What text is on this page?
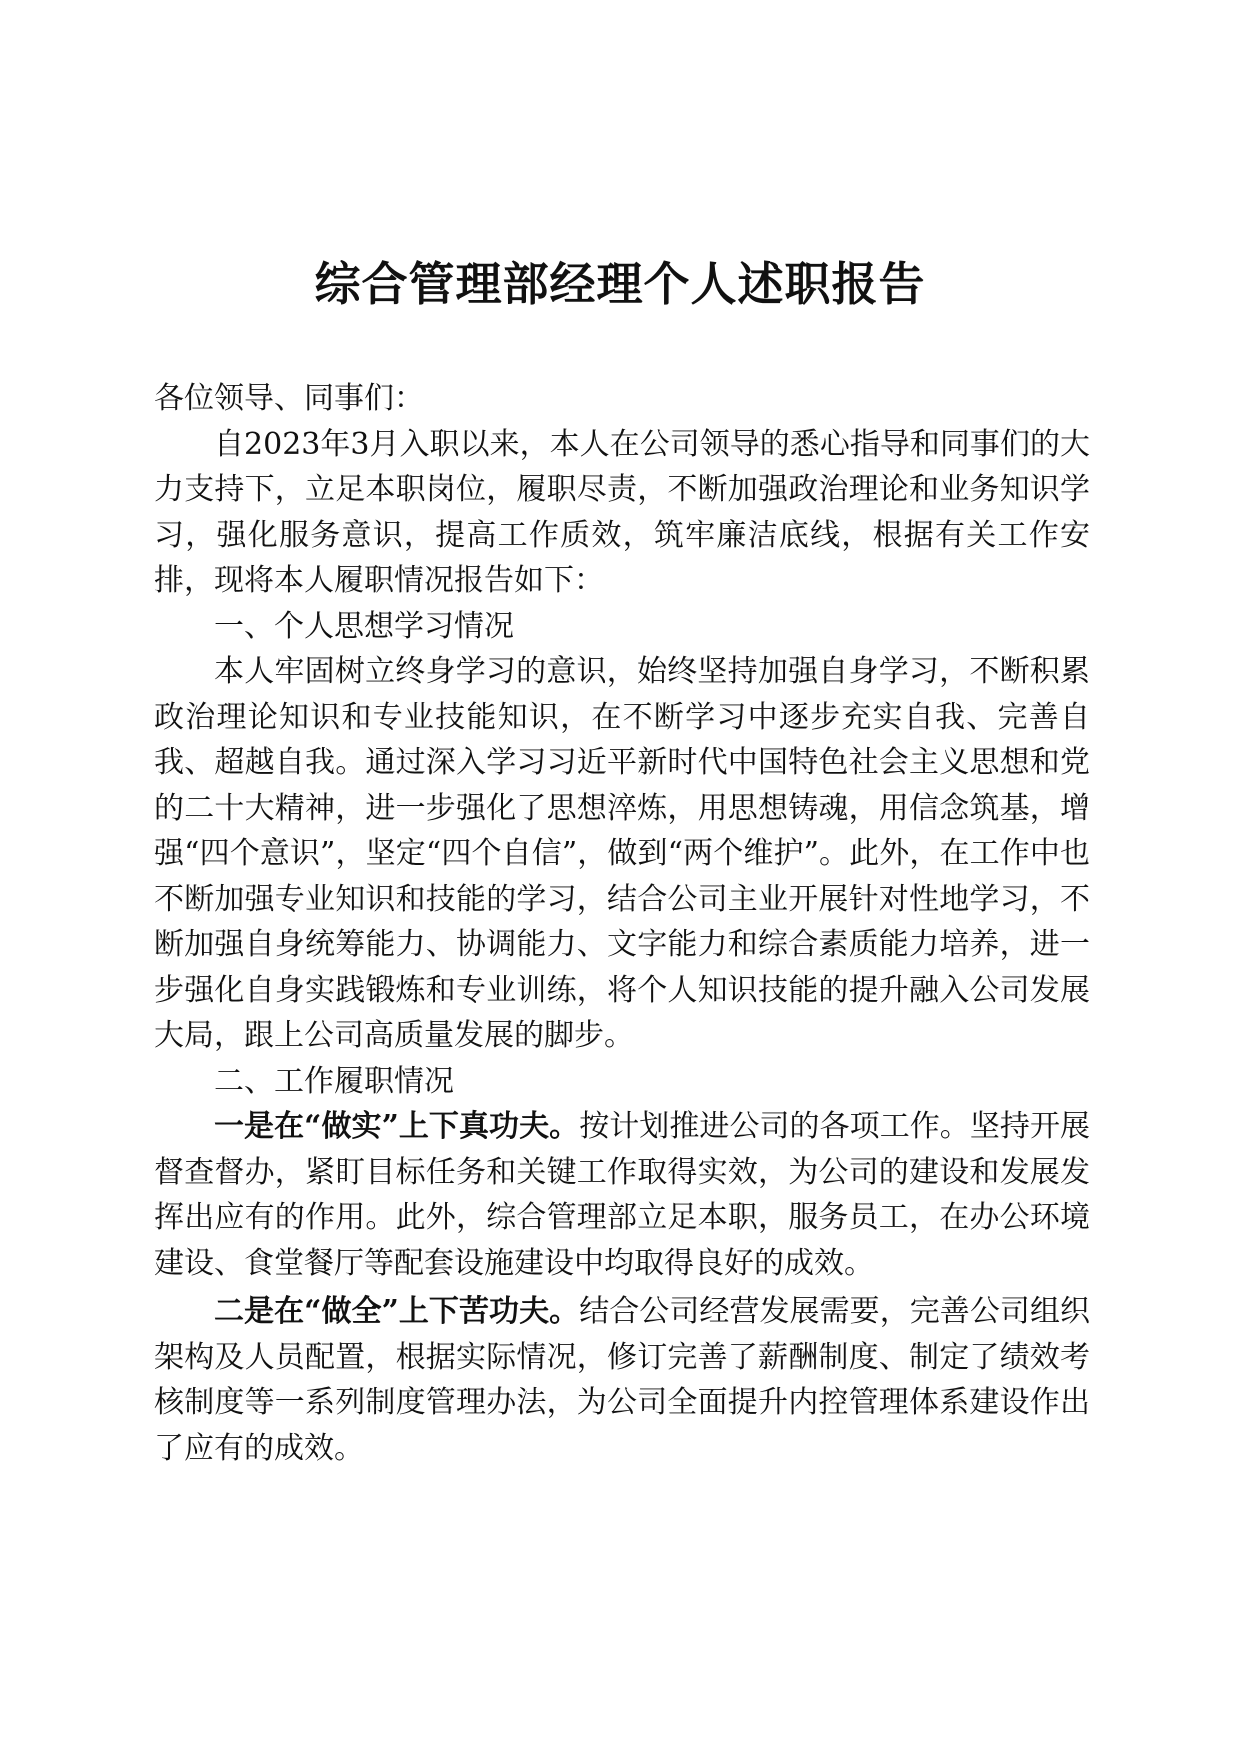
综合管理部经理个人述职报告

各位领导、同事们：

自2023年3月入职以来，本人在公司领导的悉心指导和同事们的大力支持下，立足本职岗位，履职尽责，不断加强政治理论和业务知识学习，强化服务意识，提高工作质效，筑牢廉洁底线，根据有关工作安排，现将本人履职情况报告如下：

一、个人思想学习情况

本人牢固树立终身学习的意识，始终坚持加强自身学习，不断积累政治理论知识和专业技能知识，在不断学习中逐步充实自我、完善自我、超越自我。通过深入学习习近平新时代中国特色社会主义思想和党的二十大精神，进一步强化了思想淬炼，用思想铸魂，用信念筑基，增强“四个意识”，坚定“四个自信”，做到“两个维护”。此外，在工作中也不断加强专业知识和技能的学习，结合公司主业开展针对性地学习，不断加强自身统筹能力、协调能力、文字能力和综合素质能力培养，进一步强化自身实践锻炼和专业训练，将个人知识技能的提升融入公司发展大局，跟上公司高质量发展的脚步。

二、工作履职情况

一是在“做实”上下真功夫。按计划推进公司的各项工作。坚持开展督查督办，紧盯目标任务和关键工作取得实效，为公司的建设和发展发挥出应有的作用。此外，综合管理部立足本职，服务员工，在办公环境建设、食堂餐厅等配套设施建设中均取得良好的成效。

二是在“做全”上下苦功夫。结合公司经营发展需要，完善公司组织架构及人员配置，根据实际情况，修订完善了薪酬制度、制定了绩效考核制度等一系列制度管理办法，为公司全面提升内控管理体系建设作出了应有的成效。
